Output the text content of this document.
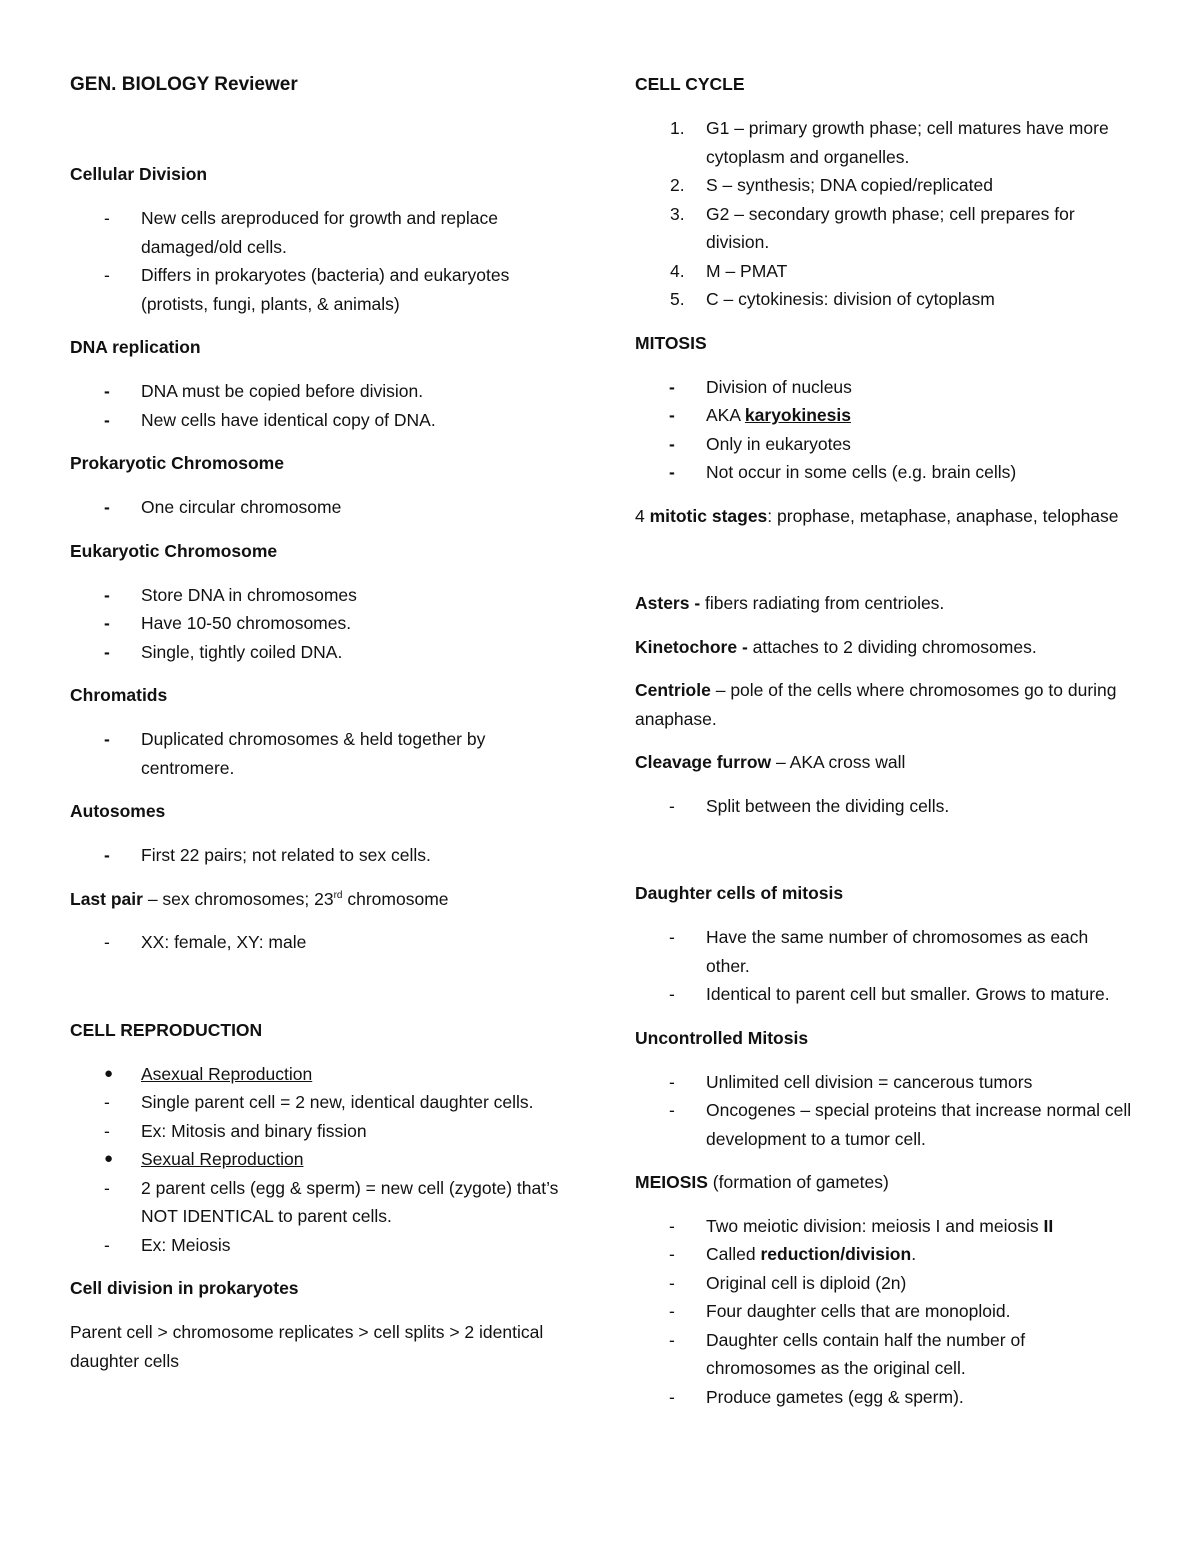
GEN. BIOLOGY Reviewer
Cellular Division
- New cells areproduced for growth and replace damaged/old cells.
- Differs in prokaryotes (bacteria) and eukaryotes (protists, fungi, plants, & animals)
DNA replication
- DNA must be copied before division.
- New cells have identical copy of DNA.
Prokaryotic Chromosome
- One circular chromosome
Eukaryotic Chromosome
- Store DNA in chromosomes
- Have 10-50 chromosomes.
- Single, tightly coiled DNA.
Chromatids
- Duplicated chromosomes & held together by centromere.
Autosomes
- First 22 pairs; not related to sex cells.

Last pair – sex chromosomes; 23rd chromosome

- XX: female, XY: male
CELL REPRODUCTION
● Asexual Reproduction
- Single parent cell = 2 new, identical daughter cells.
- Ex: Mitosis and binary fission
● Sexual Reproduction
- 2 parent cells (egg & sperm) = new cell (zygote) that’s NOT IDENTICAL to parent cells.
- Ex: Meiosis
Cell division in prokaryotes

Parent cell > chromosome replicates > cell splits > 2 identical daughter cells

CELL CYCLE
1. G1 – primary growth phase; cell matures have more cytoplasm and organelles.
2. S – synthesis; DNA copied/replicated
3. G2 – secondary growth phase; cell prepares for division.
4. M – PMAT
5. C – cytokinesis: division of cytoplasm
MITOSIS
- Division of nucleus
- AKA karyokinesis
- Only in eukaryotes
- Not occur in some cells (e.g. brain cells)

4 mitotic stages: prophase, metaphase, anaphase, telophase

Asters - fibers radiating from centrioles.

Kinetochore - attaches to 2 dividing chromosomes.

Centriole – pole of the cells where chromosomes go to during anaphase.

Cleavage furrow – AKA cross wall

- Split between the dividing cells.
Daughter cells of mitosis
- Have the same number of chromosomes as each other.
- Identical to parent cell but smaller. Grows to mature.
Uncontrolled Mitosis
- Unlimited cell division = cancerous tumors
- Oncogenes – special proteins that increase normal cell development to a tumor cell.

MEIOSIS (formation of gametes)

- Two meiotic division: meiosis I and meiosis II
- Called reduction/division.
- Original cell is diploid (2n)
- Four daughter cells that are monoploid.
- Daughter cells contain half the number of chromosomes as the original cell.
- Produce gametes (egg & sperm).
